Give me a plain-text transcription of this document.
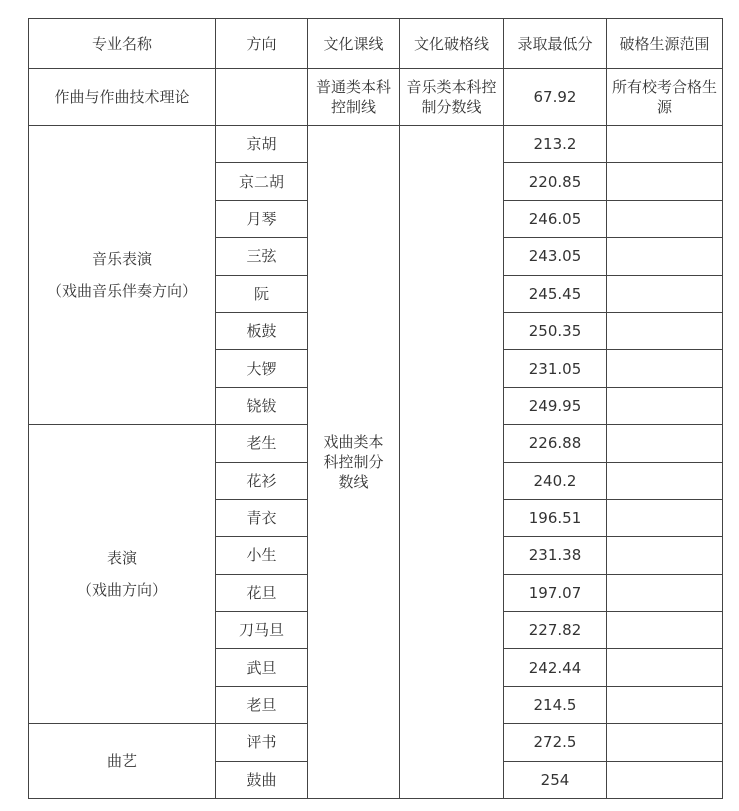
专业名称	方向	文化课线	文化破格线	录取最低分	破格生源范围
作曲与作曲技术理论		普通类本科控制线	音乐类本科控制分数线	67.92	所有校考合格生源

音乐表演
（戏曲音乐伴奏方向）	京胡	戏曲类本科控制分数线		213.2	
	京二胡			220.85	
	月琴			246.05	
	三弦			243.05	
	阮			245.45	
	板鼓			250.35	
	大锣			231.05	
	铙钹			249.95	

表演
（戏曲方向）	老生			226.88	
	花衫			240.2	
	青衣			196.51	
	小生			231.38	
	花旦			197.07	
	刀马旦			227.82	
	武旦			242.44	
	老旦			214.5	

曲艺	评书			272.5	
	鼓曲			254	
